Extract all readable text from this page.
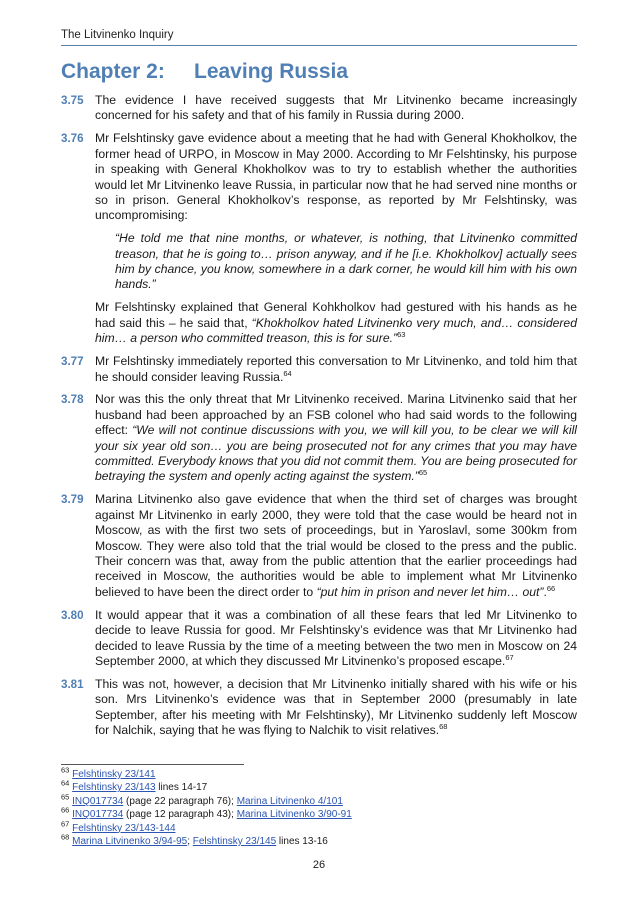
The Litvinenko Inquiry
Chapter 2: Leaving Russia
3.75 The evidence I have received suggests that Mr Litvinenko became increasingly concerned for his safety and that of his family in Russia during 2000.
3.76 Mr Felshtinsky gave evidence about a meeting that he had with General Khokholkov, the former head of URPO, in Moscow in May 2000. According to Mr Felshtinsky, his purpose in speaking with General Khokholkov was to try to establish whether the authorities would let Mr Litvinenko leave Russia, in particular now that he had served nine months or so in prison. General Khokholkov’s response, as reported by Mr Felshtinsky, was uncompromising:
“He told me that nine months, or whatever, is nothing, that Litvinenko committed treason, that he is going to… prison anyway, and if he [i.e. Khokholkov] actually sees him by chance, you know, somewhere in a dark corner, he would kill him with his own hands.”
Mr Felshtinsky explained that General Kohkholkov had gestured with his hands as he had said this – he said that, “Khokholkov hated Litvinenko very much, and… considered him… a person who committed treason, this is for sure.”$^{63}$
3.77 Mr Felshtinsky immediately reported this conversation to Mr Litvinenko, and told him that he should consider leaving Russia.$^{64}$
3.78 Nor was this the only threat that Mr Litvinenko received. Marina Litvinenko said that her husband had been approached by an FSB colonel who had said words to the following effect: “We will not continue discussions with you, we will kill you, to be clear we will kill your six year old son… you are being prosecuted not for any crimes that you may have committed. Everybody knows that you did not commit them. You are being prosecuted for betraying the system and openly acting against the system.”$^{65}$
3.79 Marina Litvinenko also gave evidence that when the third set of charges was brought against Mr Litvinenko in early 2000, they were told that the case would be heard not in Moscow, as with the first two sets of proceedings, but in Yaroslavl, some 300km from Moscow. They were also told that the trial would be closed to the press and the public. Their concern was that, away from the public attention that the earlier proceedings had received in Moscow, the authorities would be able to implement what Mr Litvinenko believed to have been the direct order to “put him in prison and never let him… out”.$^{66}$
3.80 It would appear that it was a combination of all these fears that led Mr Litvinenko to decide to leave Russia for good. Mr Felshtinsky’s evidence was that Mr Litvinenko had decided to leave Russia by the time of a meeting between the two men in Moscow on 24 September 2000, at which they discussed Mr Litvinenko’s proposed escape.$^{67}$
3.81 This was not, however, a decision that Mr Litvinenko initially shared with his wife or his son. Mrs Litvinenko’s evidence was that in September 2000 (presumably in late September, after his meeting with Mr Felshtinsky), Mr Litvinenko suddenly left Moscow for Nalchik, saying that he was flying to Nalchik to visit relatives.$^{68}$
$^{63}$ Felshtinsky 23/141
$^{64}$ Felshtinsky 23/143 lines 14-17
$^{65}$ INQ017734 (page 22 paragraph 76); Marina Litvinenko 4/101
$^{66}$ INQ017734 (page 12 paragraph 43); Marina Litvinenko 3/90-91
$^{67}$ Felshtinsky 23/143-144
$^{68}$ Marina Litvinenko 3/94-95; Felshtinsky 23/145 lines 13-16
26
